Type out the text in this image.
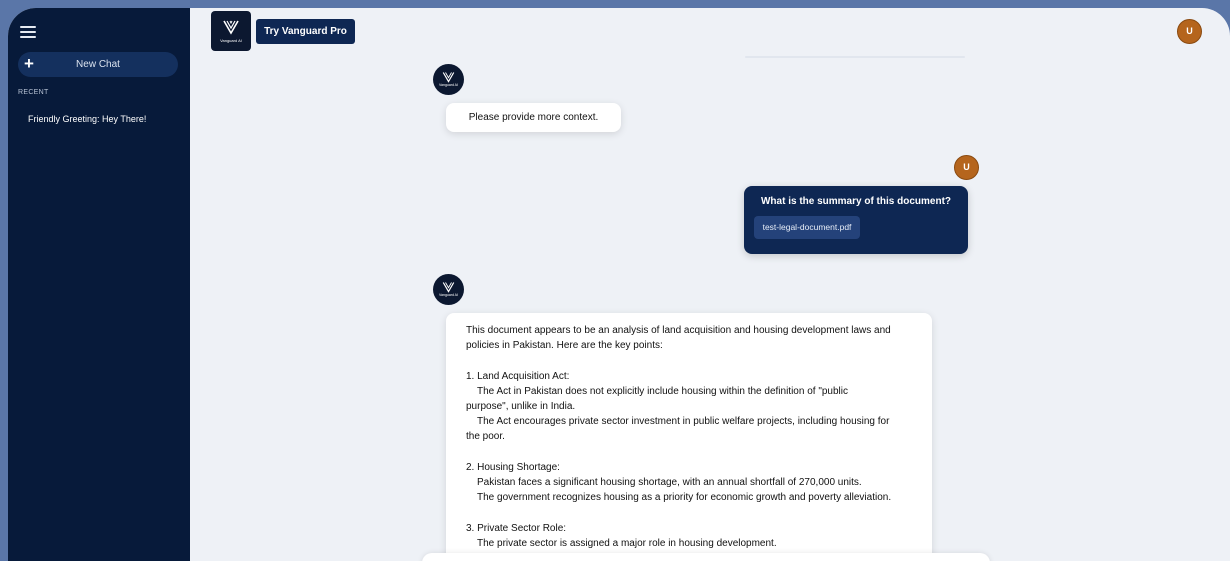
+	New Chat
RECENT
Friendly Greeting: Hey There!
Vanguard AI
Try Vanguard Pro	U
Vanguard AI
Please provide more context.
U
What is the summary of this document?
test-legal-document.pdf
Vanguard AI
This document appears to be an analysis of land acquisition and housing development laws and
policies in Pakistan. Here are the key points:
1. Land Acquisition Act:
The Act in Pakistan does not explicitly include housing within the definition of "public
purpose", unlike in India.
The Act encourages private sector investment in public welfare projects, including housing for
the poor.
2. Housing Shortage:
Pakistan faces a significant housing shortage, with an annual shortfall of 270,000 units.
The government recognizes housing as a priority for economic growth and poverty alleviation.
3. Private Sector Role:
The private sector is assigned a major role in housing development.
